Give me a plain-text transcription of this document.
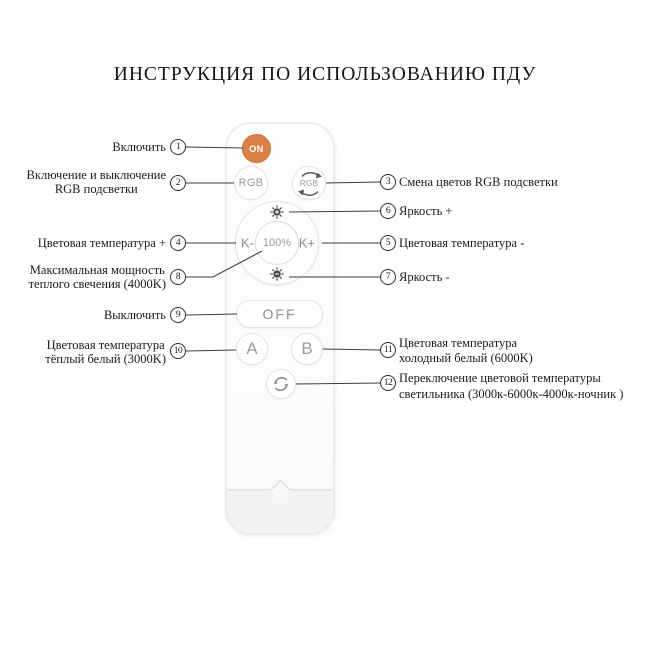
ИНСТРУКЦИЯ ПО ИСПОЛЬЗОВАНИЮ ПДУ
ON
RGB	RGB
100%
K-	K+
OFF
A	B
1
2
4
8
9
10
3
6
5
7
11
12
Включить
Включение и выключение
RGB подсветки
Цветовая температура +
Максимальная мощность
теплого свечения (4000K)
Выключить
Цветовая температура
тёплый белый (3000K)
Смена цветов RGB подсветки
Яркость +
Цветовая температура -
Яркость -
Цветовая температура
холодный белый (6000K)
Переключение цветовой температуры
светильника (3000к-6000к-4000к-ночник )
